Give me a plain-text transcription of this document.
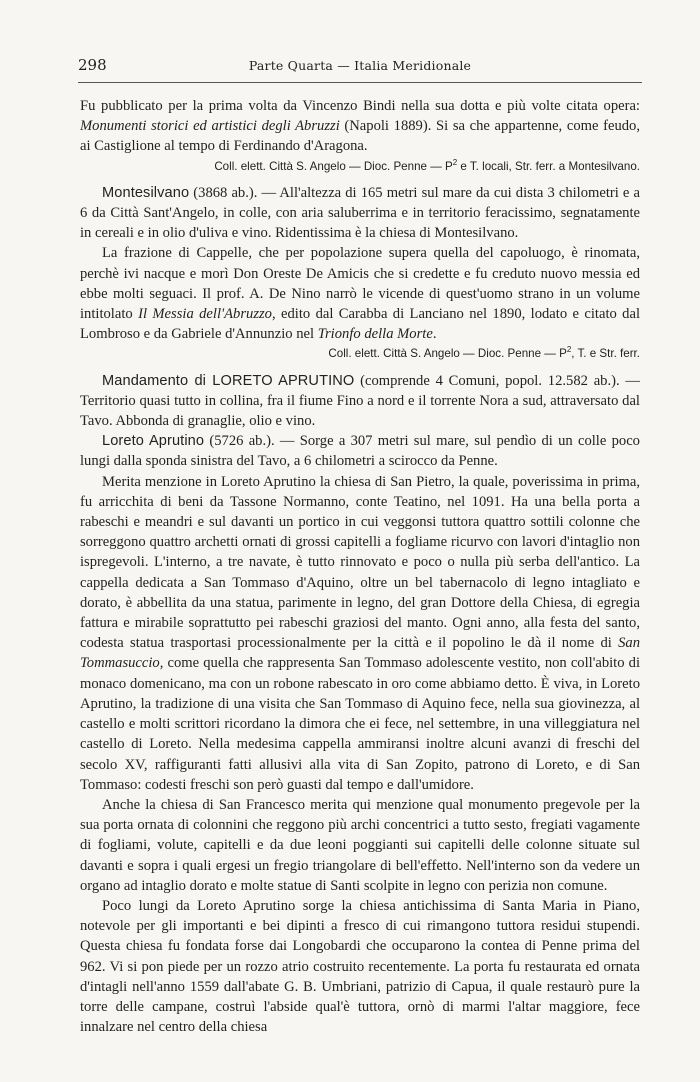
298	Parte Quarta — Italia Meridionale

Fu pubblicato per la prima volta da Vincenzo Bindi nella sua dotta e più volte citata opera: Monumenti storici ed artistici degli Abruzzi (Napoli 1889). Si sa che appartenne, come feudo, ai Castiglione al tempo di Ferdinando d'Aragona.

Coll. elett. Città S. Angelo — Dioc. Penne — $P^2$ e T. locali, Str. ferr. a Montesilvano.

Montesilvano (3868 ab.). — All'altezza di 165 metri sul mare da cui dista 3 chilometri e a 6 da Città Sant'Angelo, in colle, con aria saluberrima e in territorio feracissimo, segnatamente in cereali e in olio d'uliva e vino. Ridentissima è la chiesa di Montesilvano.

La frazione di Cappelle, che per popolazione supera quella del capoluogo, è rinomata, perchè ivi nacque e morì Don Oreste De Amicis che si credette e fu creduto nuovo messia ed ebbe molti seguaci. Il prof. A. De Nino narrò le vicende di quest'uomo strano in un volume intitolato Il Messia dell'Abruzzo, edito dal Carabba di Lanciano nel 1890, lodato e citato dal Lombroso e da Gabriele d'Annunzio nel Trionfo della Morte.

Coll. elett. Città S. Angelo — Dioc. Penne — $P^2$, T. e Str. ferr.

Mandamento di LORETO APRUTINO (comprende 4 Comuni, popol. 12.582 ab.). — Territorio quasi tutto in collina, fra il fiume Fino a nord e il torrente Nora a sud, attraversato dal Tavo. Abbonda di granaglie, olio e vino.

Loreto Aprutino (5726 ab.). — Sorge a 307 metri sul mare, sul pendìo di un colle poco lungi dalla sponda sinistra del Tavo, a 6 chilometri a scirocco da Penne.

Merita menzione in Loreto Aprutino la chiesa di San Pietro, la quale, poverissima in prima, fu arricchita di beni da Tassone Normanno, conte Teatino, nel 1091. Ha una bella porta a rabeschi e meandri e sul davanti un portico in cui veggonsi tuttora quattro sottili colonne che sorreggono quattro archetti ornati di grossi capitelli a fogliame ricurvo con lavori d'intaglio non ispregevoli. L'interno, a tre navate, è tutto rinnovato e poco o nulla più serba dell'antico. La cappella dedicata a San Tommaso d'Aquino, oltre un bel tabernacolo di legno intagliato e dorato, è abbellita da una statua, parimente in legno, del gran Dottore della Chiesa, di egregia fattura e mirabile soprattutto pei rabeschi graziosi del manto. Ogni anno, alla festa del santo, codesta statua trasportasi processionalmente per la città e il popolino le dà il nome di San Tommasuccio, come quella che rappresenta San Tommaso adolescente vestito, non coll'abito di monaco domenicano, ma con un robone rabescato in oro come abbiamo detto. È viva, in Loreto Aprutino, la tradizione di una visita che San Tommaso di Aquino fece, nella sua giovinezza, al castello e molti scrittori ricordano la dimora che ei fece, nel settembre, in una villeggiatura nel castello di Loreto. Nella medesima cappella ammiransi inoltre alcuni avanzi di freschi del secolo XV, raffiguranti fatti allusivi alla vita di San Zopito, patrono di Loreto, e di San Tommaso: codesti freschi son però guasti dal tempo e dall'umidore.

Anche la chiesa di San Francesco merita qui menzione qual monumento pregevole per la sua porta ornata di colonnini che reggono più archi concentrici a tutto sesto, fregiati vagamente di fogliami, volute, capitelli e da due leoni poggianti sui capitelli delle colonne situate sul davanti e sopra i quali ergesi un fregio triangolare di bell'effetto. Nell'interno son da vedere un organo ad intaglio dorato e molte statue di Santi scolpite in legno con perizia non comune.

Poco lungi da Loreto Aprutino sorge la chiesa antichissima di Santa Maria in Piano, notevole per gli importanti e bei dipinti a fresco di cui rimangono tuttora residui stupendi. Questa chiesa fu fondata forse dai Longobardi che occuparono la contea di Penne prima del 962. Vi si pon piede per un rozzo atrio costruito recentemente. La porta fu restaurata ed ornata d'intagli nell'anno 1559 dall'abate G. B. Umbriani, patrizio di Capua, il quale restaurò pure la torre delle campane, costruì l'abside qual'è tuttora, ornò di marmi l'altar maggiore, fece innalzare nel centro della chiesa
